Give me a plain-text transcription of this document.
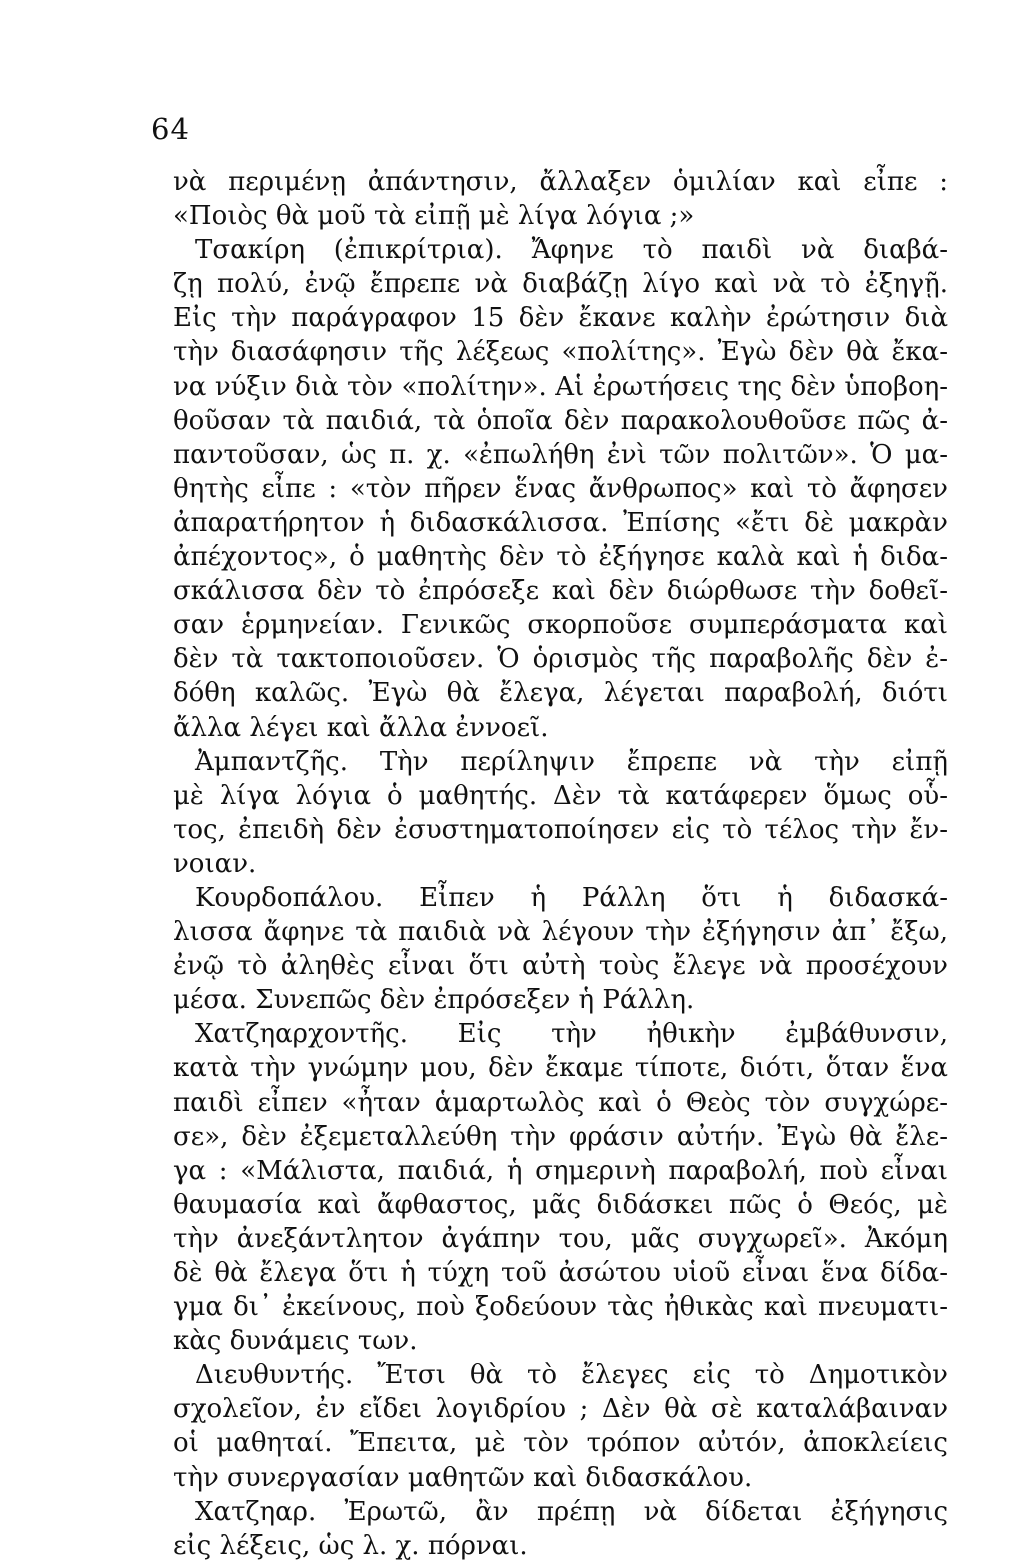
64
νὰ περιμένῃ ἀπάντησιν, ἄλλαξεν ὁμιλίαν καὶ εἶπε :
«Ποιὸς θὰ μοῦ τὰ εἰπῇ μὲ λίγα λόγια ;»
Τσακίρη (ἐπικρίτρια). Ἄφηνε τὸ παιδὶ νὰ διαβά-
ζῃ πολύ, ἐνῷ ἔπρεπε νὰ διαβάζῃ λίγο καὶ νὰ τὸ ἐξηγῇ.
Εἰς τὴν παράγραφον 15 δὲν ἔκανε καλὴν ἐρώτησιν διὰ
τὴν διασάφησιν τῆς λέξεως «πολίτης». Ἐγὼ δὲν θὰ ἔκα-
να νύξιν διὰ τὸν «πολίτην». Αἱ ἐρωτήσεις της δὲν ὑποβοη-
θοῦσαν τὰ παιδιά, τὰ ὁποῖα δὲν παρακολουθοῦσε πῶς ἀ-
παντοῦσαν, ὡς π. χ. «ἐπωλήθη ἐνὶ τῶν πολιτῶν». Ὁ μα-
θητὴς εἶπε : «τὸν πῆρεν ἕνας ἄνθρωπος» καὶ τὸ ἄφησεν
ἀπαρατήρητον ἡ διδασκάλισσα. Ἐπίσης «ἔτι δὲ μακρὰν
ἀπέχοντος», ὁ μαθητὴς δὲν τὸ ἐξήγησε καλὰ καὶ ἡ διδα-
σκάλισσα δὲν τὸ ἐπρόσεξε καὶ δὲν διώρθωσε τὴν δοθεῖ-
σαν ἑρμηνείαν. Γενικῶς σκορποῦσε συμπεράσματα καὶ
δὲν τὰ τακτοποιοῦσεν. Ὁ ὁρισμὸς τῆς παραβολῆς δὲν ἐ-
δόθη καλῶς. Ἐγὼ θὰ ἔλεγα, λέγεται παραβολή, διότι
ἄλλα λέγει καὶ ἄλλα ἐννοεῖ.
Ἀμπαντζῆς. Τὴν περίληψιν ἔπρεπε νὰ τὴν εἰπῇ
μὲ λίγα λόγια ὁ μαθητής. Δὲν τὰ κατάφερεν ὅμως οὗ-
τος, ἐπειδὴ δὲν ἐσυστηματοποίησεν εἰς τὸ τέλος τὴν ἔν-
νοιαν.
Κουρδοπάλου. Εἶπεν ἡ Ράλλη ὅτι ἡ διδασκά-
λισσα ἄφηνε τὰ παιδιὰ νὰ λέγουν τὴν ἐξήγησιν ἀπ᾿ ἔξω,
ἐνῷ τὸ ἀληθὲς εἶναι ὅτι αὐτὴ τοὺς ἔλεγε νὰ προσέχουν
μέσα. Συνεπῶς δὲν ἐπρόσεξεν ἡ Ράλλη.
Χατζηαρχοντῆς. Εἰς τὴν ἠθικὴν ἐμβάθυνσιν,
κατὰ τὴν γνώμην μου, δὲν ἔκαμε τίποτε, διότι, ὅταν ἕνα
παιδὶ εἶπεν «ἦταν ἁμαρτωλὸς καὶ ὁ Θεὸς τὸν συγχώρε-
σε», δὲν ἐξεμεταλλεύθη τὴν φράσιν αὐτήν. Ἐγὼ θὰ ἔλε-
γα : «Μάλιστα, παιδιά, ἡ σημερινὴ παραβολή, ποὺ εἶναι
θαυμασία καὶ ἄφθαστος, μᾶς διδάσκει πῶς ὁ Θεός, μὲ
τὴν ἀνεξάντλητον ἀγάπην του, μᾶς συγχωρεῖ». Ἀκόμη
δὲ θὰ ἔλεγα ὅτι ἡ τύχη τοῦ ἀσώτου υἱοῦ εἶναι ἕνα δίδα-
γμα δι᾿ ἐκείνους, ποὺ ξοδεύουν τὰς ἠθικὰς καὶ πνευματι-
κὰς δυνάμεις των.
Διευθυντής. Ἔτσι θὰ τὸ ἔλεγες εἰς τὸ Δημοτικὸν
σχολεῖον, ἐν εἴδει λογιδρίου ; Δὲν θὰ σὲ καταλάβαιναν
οἱ μαθηταί. Ἔπειτα, μὲ τὸν τρόπον αὐτόν, ἀποκλείεις
τὴν συνεργασίαν μαθητῶν καὶ διδασκάλου.
Χατζηαρ. Ἐρωτῶ, ἂν πρέπῃ νὰ δίδεται ἐξήγησις
εἰς λέξεις, ὡς λ. χ. πόρναι.
